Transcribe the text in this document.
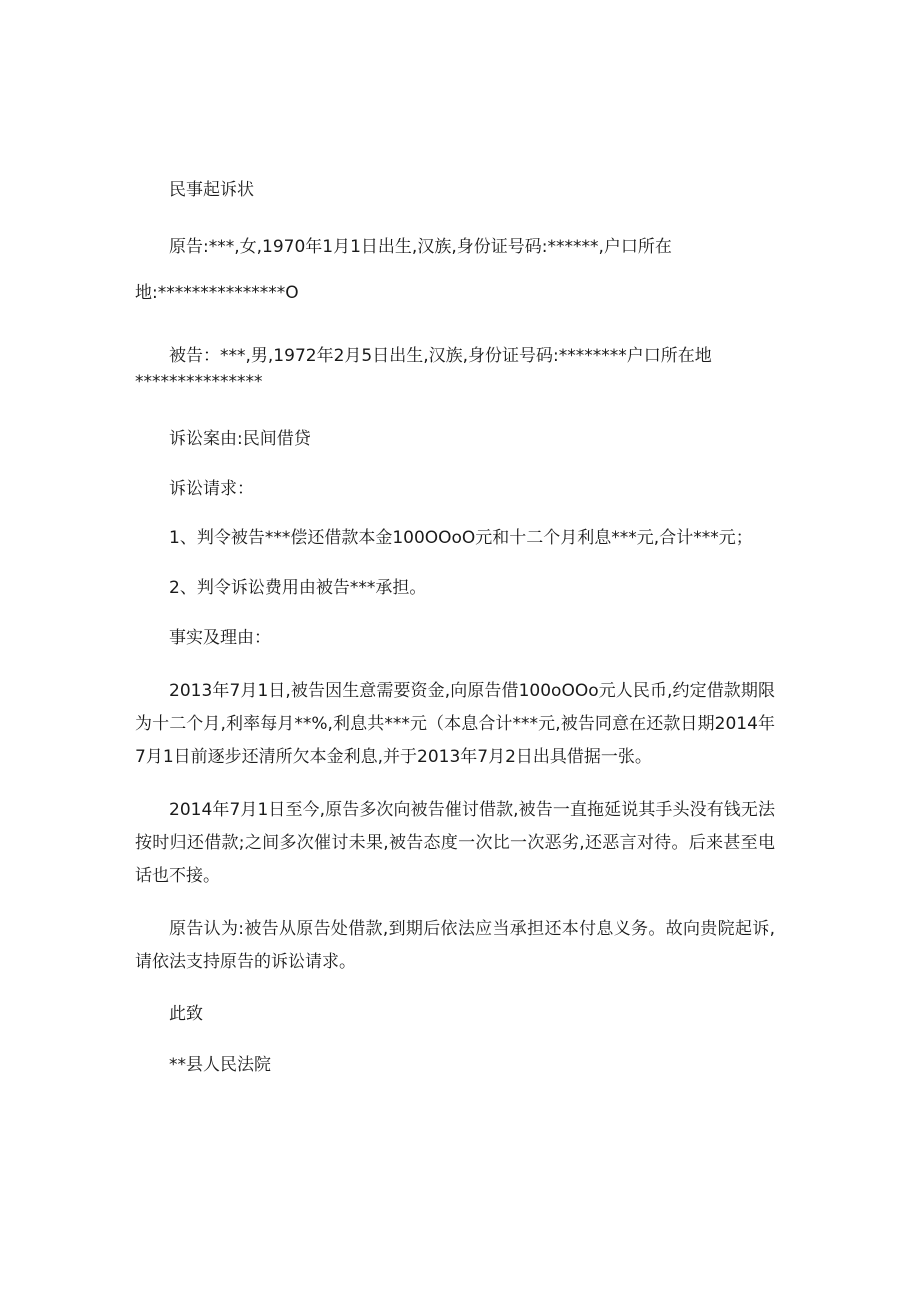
民事起诉状

原告:***,女,1970年1月1日出生,汉族,身份证号码:******,户口所在

地:***************O

被告：***,男,1972年2月5日出生,汉族,身份证号码:********户口所在地

***************

诉讼案由:民间借贷

诉讼请求：

1、判令被告***偿还借款本金100OOoO元和十二个月利息***元,合计***元；

2、判令诉讼费用由被告***承担。

事实及理由：

2013年7月1日,被告因生意需要资金,向原告借100oOOo元人民币,约定借款期限为十二个月,利率每月**%,利息共***元（本息合计***元,被告同意在还款日期2014年7月1日前逐步还清所欠本金利息,并于2013年7月2日出具借据一张。

2014年7月1日至今,原告多次向被告催讨借款,被告一直拖延说其手头没有钱无法按时归还借款;之间多次催讨未果,被告态度一次比一次恶劣,还恶言对待。后来甚至电话也不接。

原告认为:被告从原告处借款,到期后依法应当承担还本付息义务。故向贵院起诉,请依法支持原告的诉讼请求。

此致

**县人民法院
